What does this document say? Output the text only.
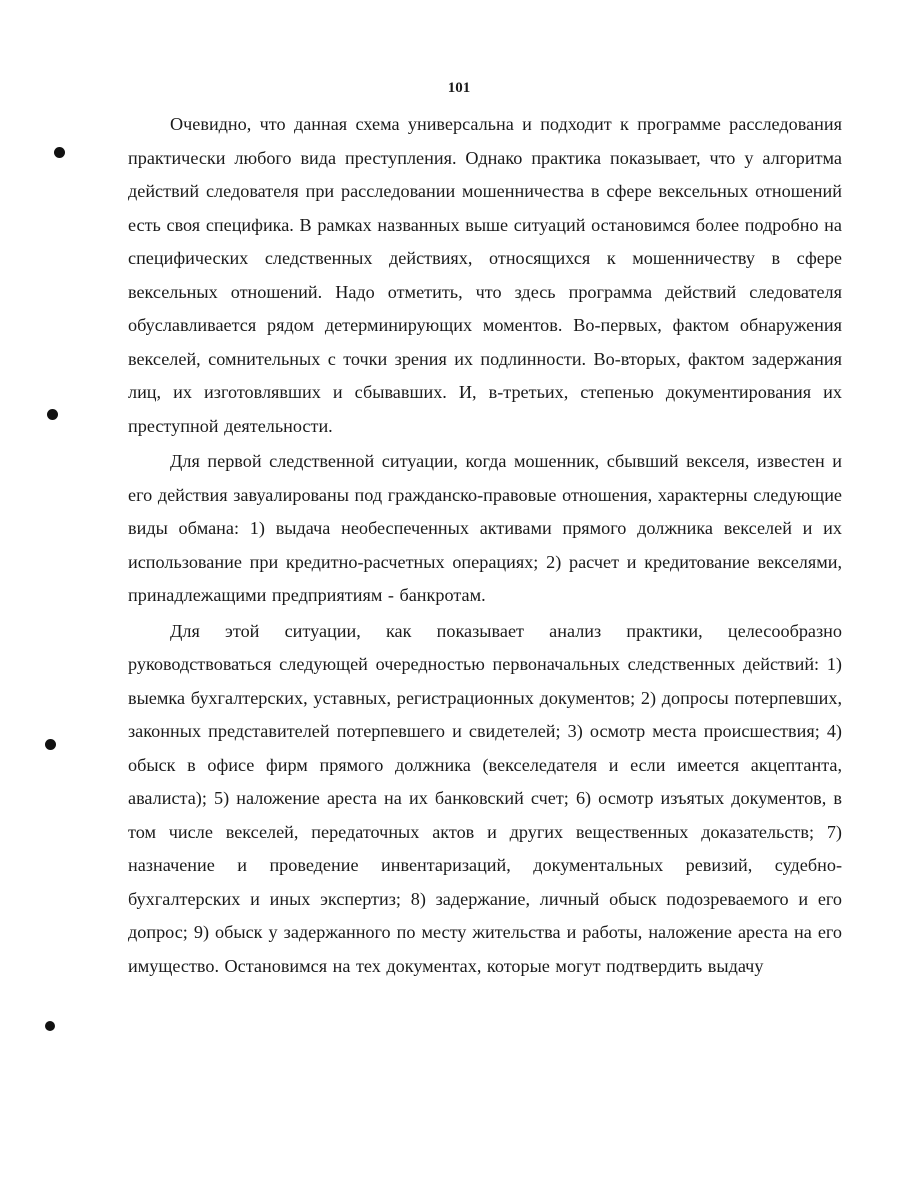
101

Очевидно, что данная схема универсальна и подходит к программе расследования практически любого вида преступления. Однако практика показывает, что у алгоритма действий следователя при расследовании мошенничества в сфере вексельных отношений есть своя специфика. В рамках названных выше ситуаций остановимся более подробно на специфических следственных действиях, относящихся к мошенничеству в сфере вексельных отношений. Надо отметить, что здесь программа действий следователя обуславливается рядом детерминирующих моментов. Во-первых, фактом обнаружения векселей, сомнительных с точки зрения их подлинности. Во-вторых, фактом задержания лиц, их изготовлявших и сбывавших. И, в-третьих, степенью документирования их преступной деятельности.

Для первой следственной ситуации, когда мошенник, сбывший векселя, известен и его действия завуалированы под гражданско-правовые отношения, характерны следующие виды обмана: 1) выдача необеспеченных активами прямого должника векселей и их использование при кредитно-расчетных операциях; 2) расчет и кредитование векселями, принадлежащими предприятиям - банкротам.

Для этой ситуации, как показывает анализ практики, целесообразно руководствоваться следующей очередностью первоначальных следственных действий: 1) выемка бухгалтерских, уставных, регистрационных документов; 2) допросы потерпевших, законных представителей потерпевшего и свидетелей; 3) осмотр места происшествия; 4) обыск в офисе фирм прямого должника (векселедателя и если имеется акцептанта, авалиста); 5) наложение ареста на их банковский счет; 6) осмотр изъятых документов, в том числе векселей, передаточных актов и других вещественных доказательств; 7) назначение и проведение инвентаризаций, документальных ревизий, судебно-бухгалтерских и иных экспертиз; 8) задержание, личный обыск подозреваемого и его допрос; 9) обыск у задержанного по месту жительства и работы, наложение ареста на его имущество. Остановимся на тех документах, которые могут подтвердить выдачу
